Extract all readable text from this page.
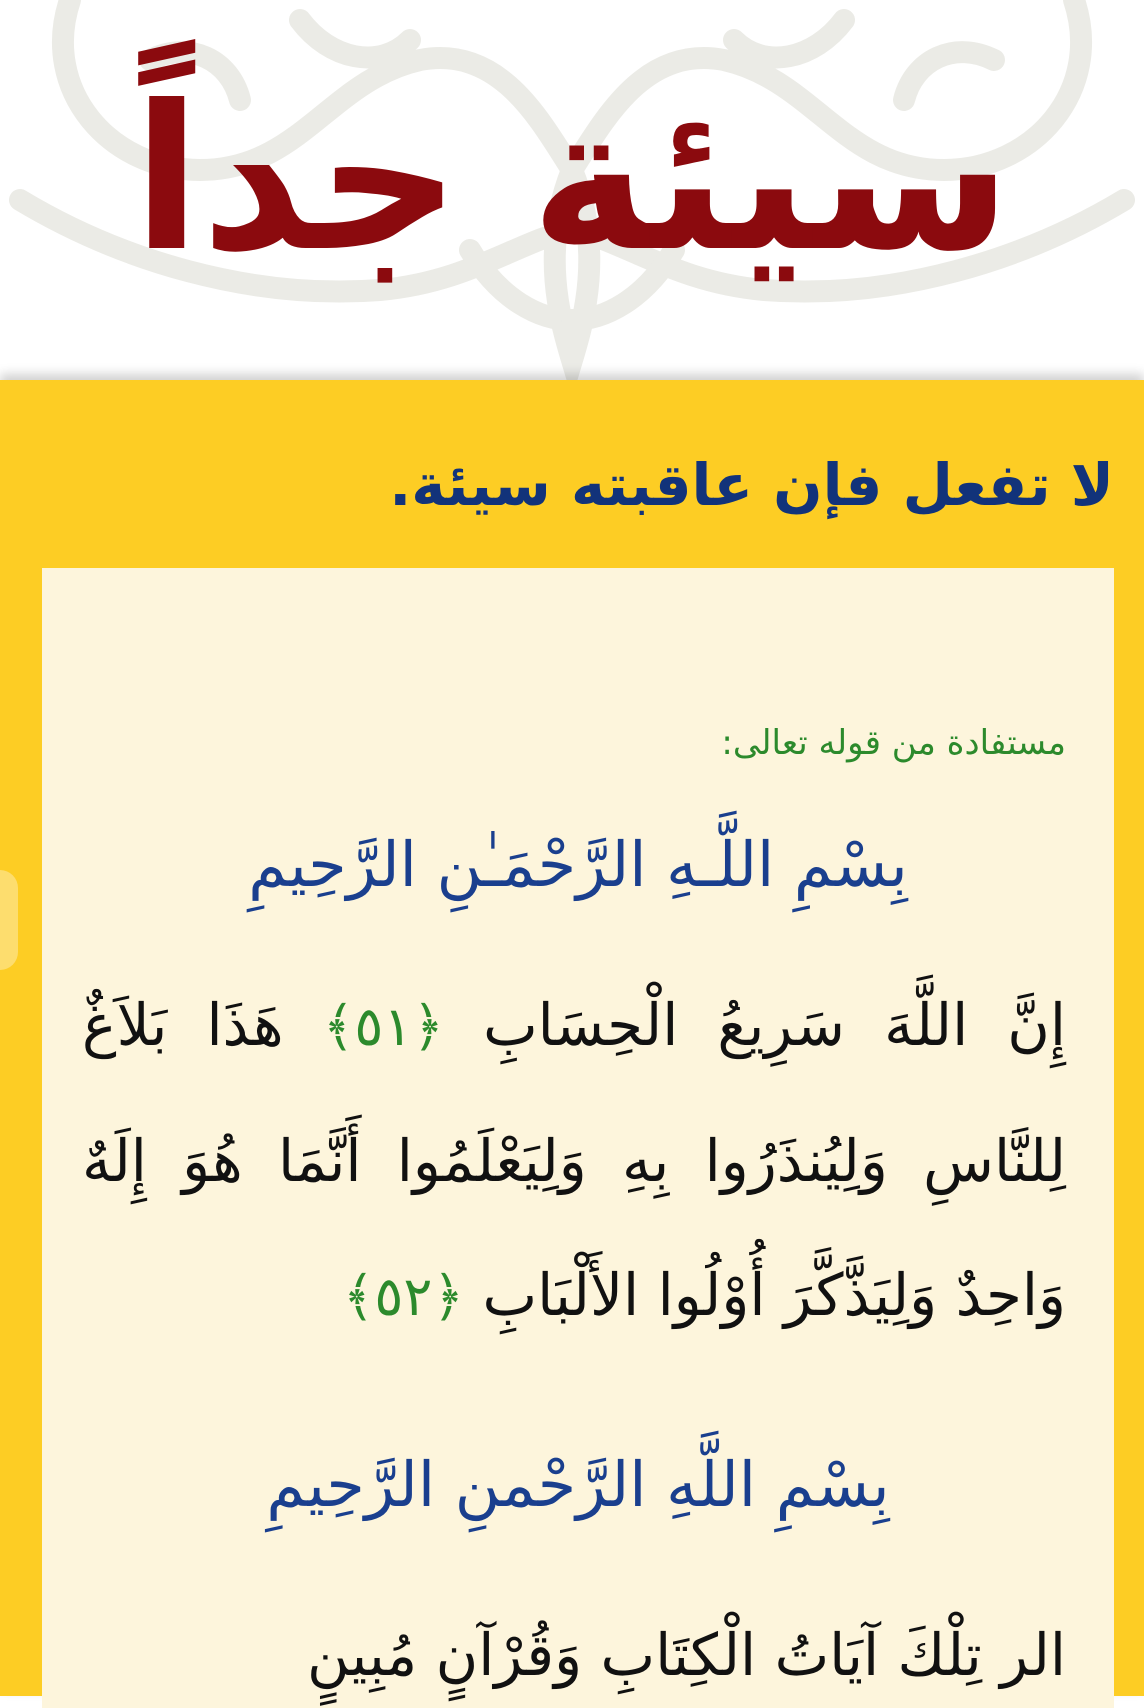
سيئة جداً
لا تفعل فإن عاقبته سيئة.
مستفادة من قوله تعالى:
بِسْمِ اللَّـهِ الرَّحْمَـٰنِ الرَّحِيمِ
إِنَّ اللَّهَ سَرِيعُ الْحِسَابِ ﴿٥١﴾ هَذَا بَلاَغٌ لِلنَّاسِ وَلِيُنذَرُوا بِهِ وَلِيَعْلَمُوا أَنَّمَا هُوَ إِلَهٌ وَاحِدٌ وَلِيَذَّكَّرَ أُوْلُوا الأَلْبَابِ ﴿٥٢﴾
بِسْمِ اللَّهِ الرَّحْمنِ الرَّحِيمِ
الر تِلْكَ آيَاتُ الْكِتَابِ وَقُرْآنٍ مُبِينٍ
